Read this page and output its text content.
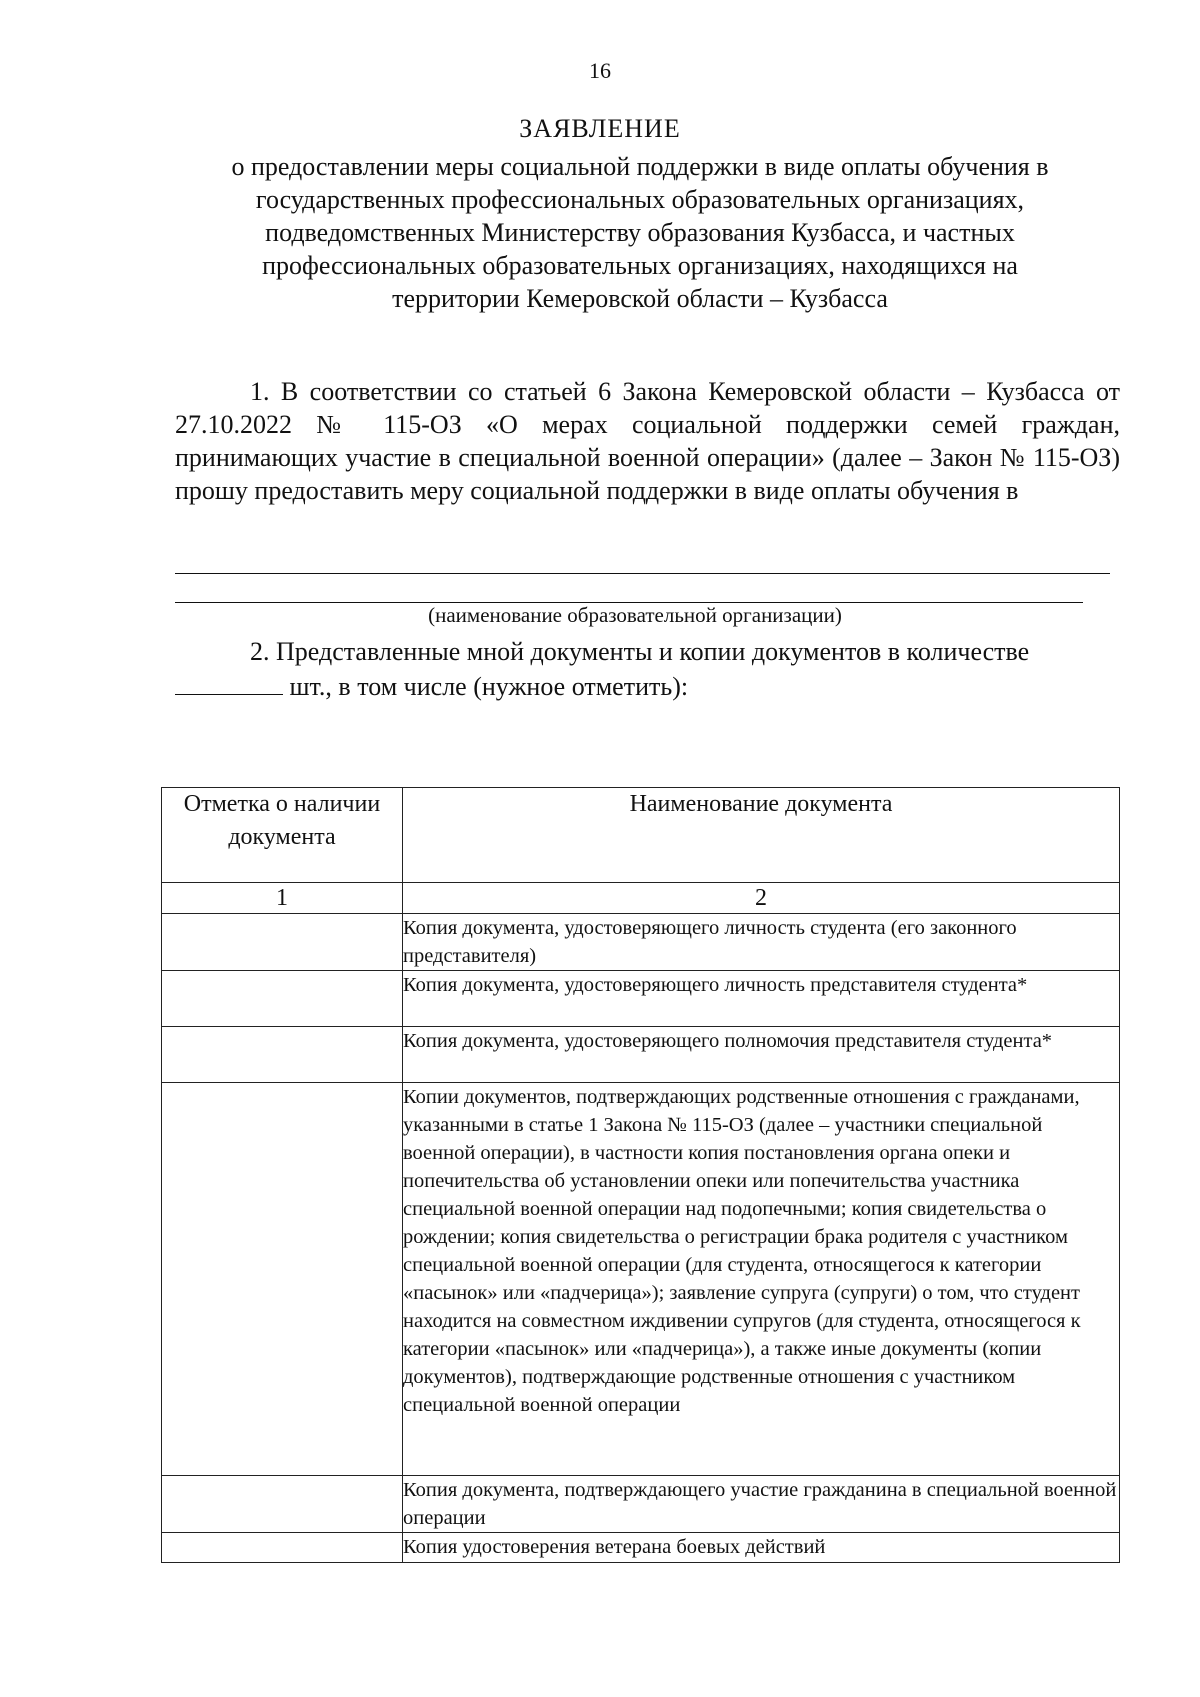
16
ЗАЯВЛЕНИЕ
о предоставлении меры социальной поддержки в виде оплаты обучения в
государственных профессиональных образовательных организациях,
подведомственных Министерству образования Кузбасса, и частных
профессиональных образовательных организациях, находящихся на
территории Кемеровской области – Кузбасса

1. В соответствии со статьей 6 Закона Кемеровской области – Кузбасса от 27.10.2022 № 115-ОЗ «О мерах социальной поддержки семей граждан, принимающих участие в специальной военной операции» (далее – Закон № 115-ОЗ) прошу предоставить меру социальной поддержки в виде оплаты обучения в

(наименование образовательной организации)

2. Представленные мной документы и копии документов в количестве
шт., в том числе (нужное отметить):

Отметка о наличии документа	Наименование документа
1	2
	Копия документа, удостоверяющего личность студента (его законного представителя)
	Копия документа, удостоверяющего личность представителя студента*
	Копия документа, удостоверяющего полномочия представителя студента*
	Копии документов, подтверждающих родственные отношения с гражданами, указанными в статье 1 Закона № 115-ОЗ (далее – участники специальной военной операции), в частности копия постановления органа опеки и попечительства об установлении опеки или попечительства участника специальной военной операции над подопечными; копия свидетельства о рождении; копия свидетельства о регистрации брака родителя с участником специальной военной операции (для студента, относящегося к категории «пасынок» или «падчерица»); заявление супруга (супруги) о том, что студент находится на совместном иждивении супругов (для студента, относящегося к категории «пасынок» или «падчерица»), а также иные документы (копии документов), подтверждающие родственные отношения с участником специальной военной операции
	Копия документа, подтверждающего участие гражданина в специальной военной операции
	Копия удостоверения ветерана боевых действий
